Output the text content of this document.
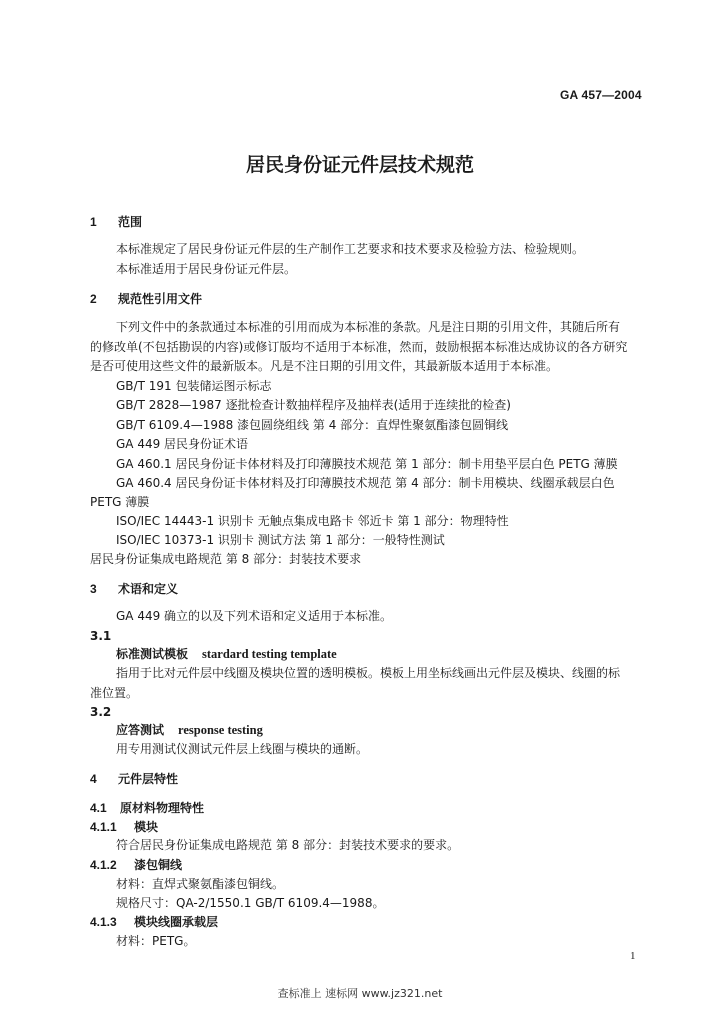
GA 457—2004
居民身份证元件层技术规范
1 范围
本标准规定了居民身份证元件层的生产制作工艺要求和技术要求及检验方法、检验规则。
本标准适用于居民身份证元件层。
2 规范性引用文件
下列文件中的条款通过本标准的引用而成为本标准的条款。凡是注日期的引用文件，其随后所有
的修改单(不包括勘误的内容)或修订版均不适用于本标准，然而，鼓励根据本标准达成协议的各方研究
是否可使用这些文件的最新版本。凡是不注日期的引用文件，其最新版本适用于本标准。
GB/T 191 包装储运图示标志
GB/T 2828—1987 逐批检查计数抽样程序及抽样表(适用于连续批的检查)
GB/T 6109.4—1988 漆包圆绕组线 第 4 部分：直焊性聚氨酯漆包圆铜线
GA 449 居民身份证术语
GA 460.1 居民身份证卡体材料及打印薄膜技术规范 第 1 部分：制卡用垫平层白色 PETG 薄膜
GA 460.4 居民身份证卡体材料及打印薄膜技术规范 第 4 部分：制卡用模块、线圈承载层白色
PETG 薄膜
ISO/IEC 14443-1 识别卡 无触点集成电路卡 邻近卡 第 1 部分：物理特性
ISO/IEC 10373-1 识别卡 测试方法 第 1 部分：一般特性测试
居民身份证集成电路规范 第 8 部分：封装技术要求
3 术语和定义
GA 449 确立的以及下列术语和定义适用于本标准。
3.1
标准测试模板 stardard testing template
指用于比对元件层中线圈及模块位置的透明模板。模板上用坐标线画出元件层及模块、线圈的标
准位置。
3.2
应答测试 response testing
用专用测试仪测试元件层上线圈与模块的通断。
4 元件层特性
4.1 原材料物理特性
4.1.1 模块
符合居民身份证集成电路规范 第 8 部分：封装技术要求的要求。
4.1.2 漆包铜线
材料：直焊式聚氨酯漆包铜线。
规格尺寸：QA-2/1550.1 GB/T 6109.4—1988。
4.1.3 模块线圈承载层
材料：PETG。
1
查标准上 速标网 www.jz321.net
